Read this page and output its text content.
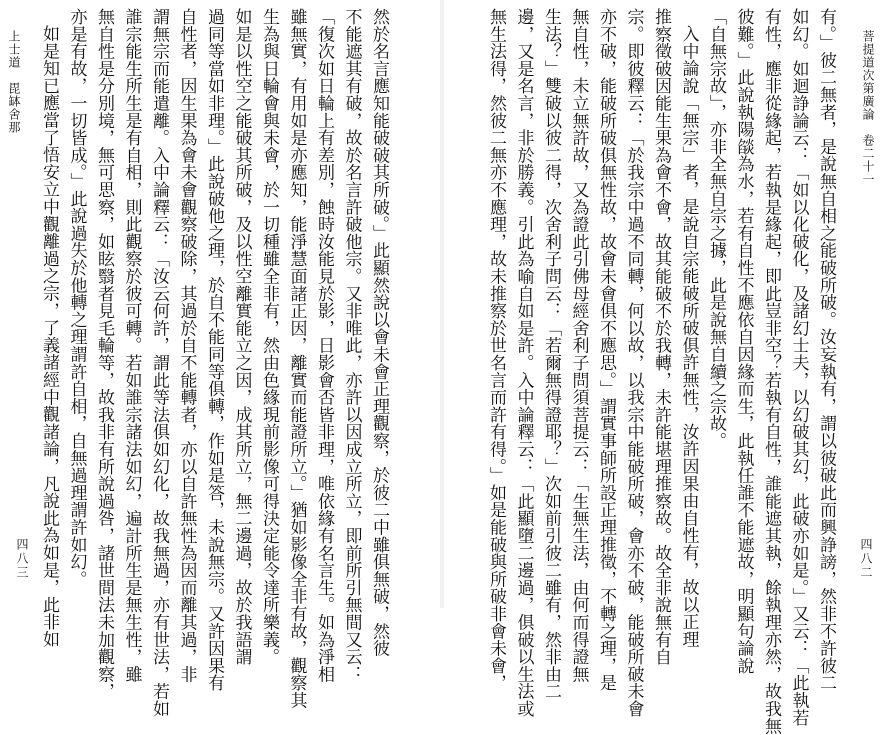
上士道　毘缽舍那	然於名言應知能破破其所破。」此顯然說以會未會正理觀察，於彼二中雖俱無破，然彼
不能遮其有破，故於名言許破他宗。又非唯此，亦許以因成立所立，即前所引無間又云：
「復次如日輪上有差別，蝕時汝能見於影，日影會否皆非理，唯依緣有名言生。如為淨相
雖無實，有用如是亦應知，能淨慧面諸正因，離實而能證所立。」猶如影像全非有故，觀察其
生為與日輪會與未會，於一切種雖全非有，然由色緣現前影像可得決定能令達所樂義。
如是以性空之能破其所破，及以性空離實能立之因，成其所立，無二邊過，故於我語謂
過同等當如非理。」此說破他之理，於自不能同等俱轉，作如是答，未說無宗。又許因果有
自性者，因生果為會未會觀察破除，其過於自不能轉者，亦以自許無性為因而離其過，非
謂無宗而能遣離。入中論釋云：「汝云何許，謂此等法俱如幻化，故我無過，亦有世法，若如
誰宗能生所生是有自相，則此觀察於彼可轉。若如誰宗諸法如幻，遍計所生是無生性，雖
無自性是分別境，無可思察，如眩翳者見毛輪等，故我非有所說過咎，諸世間法未加觀察，
亦是有故，一切皆成。」此說過失於他轉之理謂許自相，自無過理謂許如幻。
如是知已應當了悟安立中觀離過之宗，了義諸經中觀諸論，凡說此為如是，此非如
四八三
菩提道次第廣論　卷二十一
有。」彼二無者，是說無自相之能破所破。汝妄執有，謂以彼破此而興諍謗，然非不許彼二
如幻。如迴諍論云：「如以化破化，及諸幻士夫，以幻破其幻，此破亦如是。」又云：「此執若
有性，應非從緣起，若執是緣起，即此豈非空？若執有自性，誰能遮其執，餘執理亦然，故我無
彼難。」此說執陽燄為水，若有自性不應依自因緣而生，此執任誰不能遮故，明顯句論說
「自無宗故」，亦非全無自宗之據，此是說無自續之宗故。
入中論說「無宗」者，是說自宗能破所破俱許無性，汝許因果由自性有，故以正理
推察徵破因能生果為會不會，故其能破不於我轉，未許能堪理推察故。故全非說無有自
宗。即彼釋云：「於我宗中過不同轉，何以故，以我宗中能破所破，會亦不破，能破所破未會
亦不破，能破所破俱無性故，故會未會俱不應思。」謂實事師所設正理推徵，不轉之理，是
無自性，未立無許故，又為證此引佛母經舍利子問須菩提云：「生無生法，由何而得證無
生法？」雙破以彼二得，次舍利子問云：「若爾無得證耶？」次如前引彼二雖有，然非由二
邊，又是名言，非於勝義。引此為喻自如是許。入中論釋云：「此顯墮二邊過，俱破以生法或
無生法得，然彼二無亦不應理，故未推察於世名言而許有得。」如是能破與所破非會未會，	四八二
